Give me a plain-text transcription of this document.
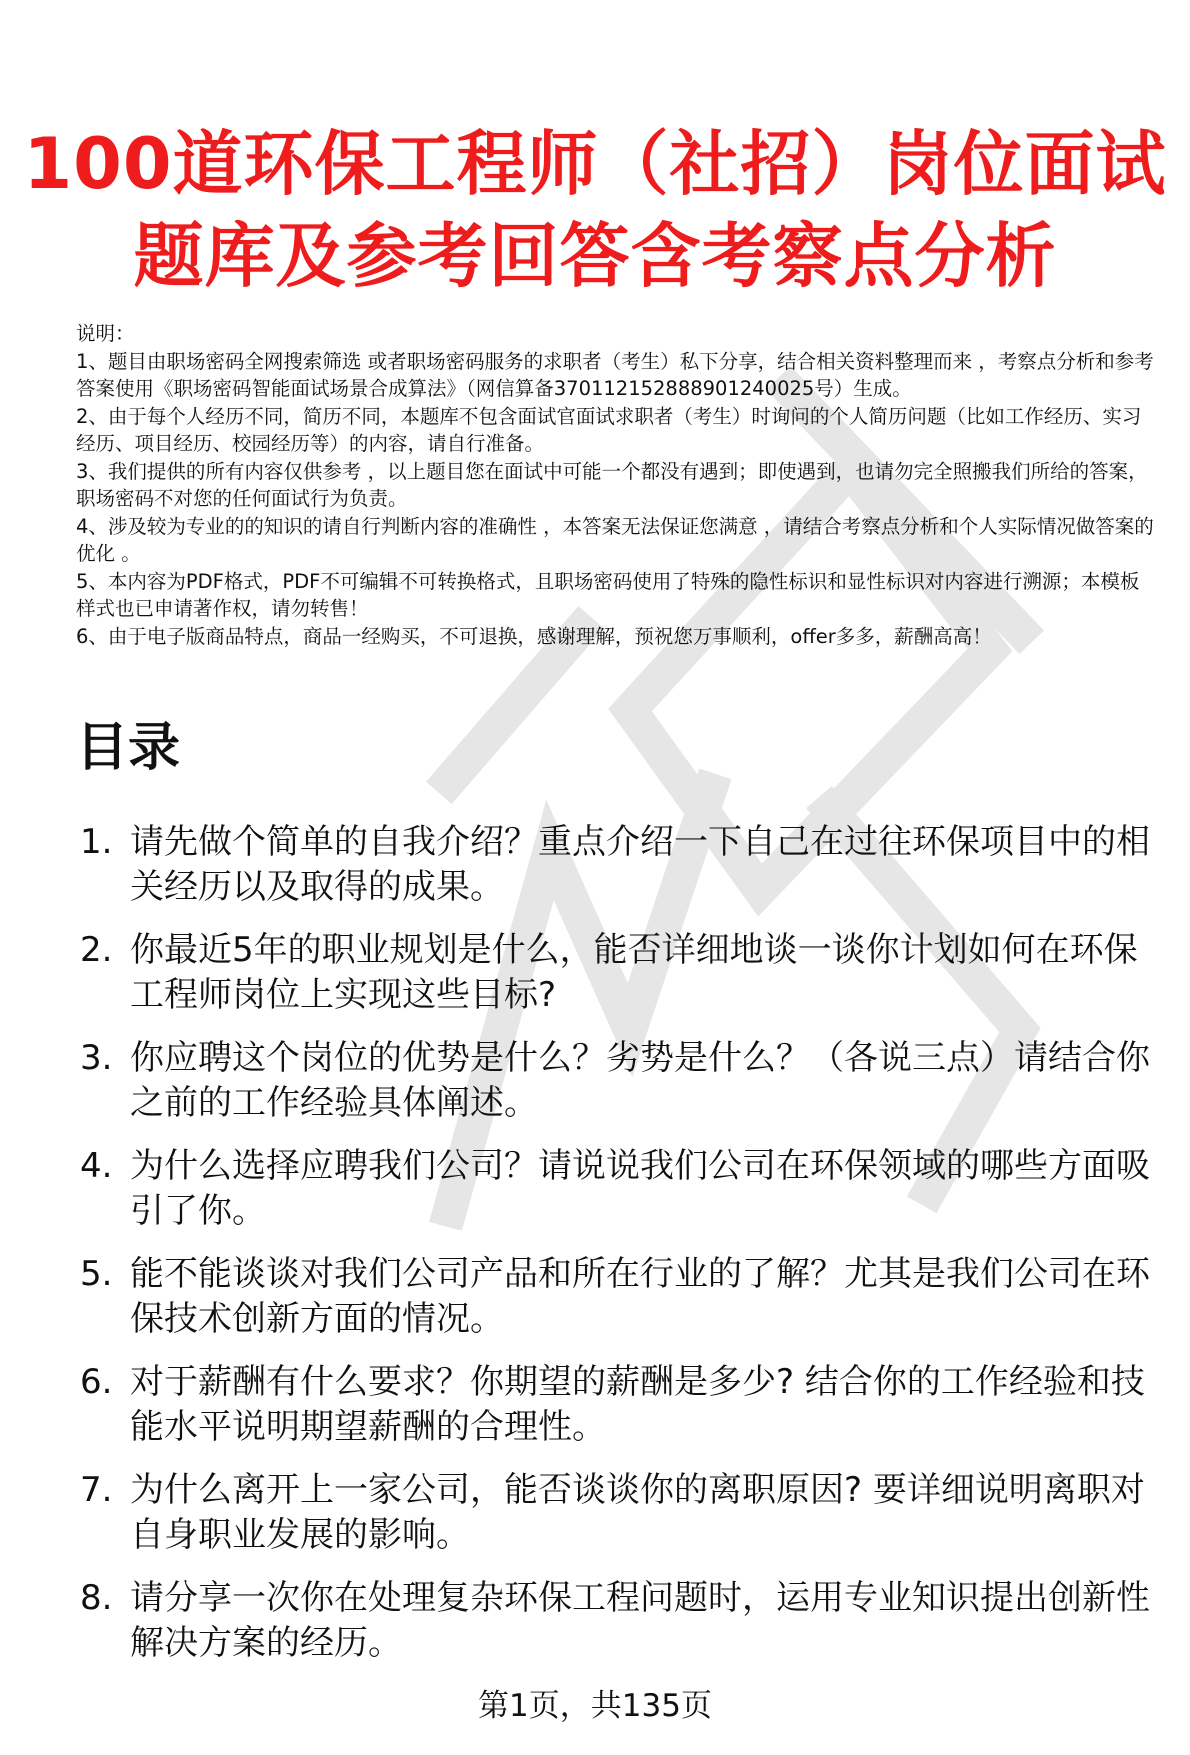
100道环保工程师（社招）岗位面试
题库及参考回答含考察点分析

说明：

1、题目由职场密码全网搜索筛选 或者职场密码服务的求职者（考生）私下分享，结合相关资料整理而来 ，考察点分析和参考答案使用《职场密码智能面试场景合成算法》（网信算备370112152888901240025号）生成。

2、由于每个人经历不同，简历不同，本题库不包含面试官面试求职者（考生）时询问的个人简历问题（比如工作经历、实习经历、项目经历、校园经历等）的内容，请自行准备。

3、我们提供的所有内容仅供参考 ，以上题目您在面试中可能一个都没有遇到；即使遇到，也请勿完全照搬我们所给的答案，职场密码不对您的任何面试行为负责。

4、涉及较为专业的的知识的请自行判断内容的准确性 ，本答案无法保证您满意 ，请结合考察点分析和个人实际情况做答案的优化 。

5、本内容为PDF格式，PDF不可编辑不可转换格式，且职场密码使用了特殊的隐性标识和显性标识对内容进行溯源；本模板样式也已申请著作权，请勿转售！

6、由于电子版商品特点，商品一经购买，不可退换，感谢理解，预祝您万事顺利，offer多多，薪酬高高！

目录
1. 请先做个简单的自我介绍？重点介绍一下自己在过往环保项目中的相关经历以及取得的成果。
2. 你最近5年的职业规划是什么，能否详细地谈一谈你计划如何在环保工程师岗位上实现这些目标?
3. 你应聘这个岗位的优势是什么？劣势是什么？（各说三点）请结合你之前的工作经验具体阐述。
4. 为什么选择应聘我们公司？请说说我们公司在环保领域的哪些方面吸引了你。
5. 能不能谈谈对我们公司产品和所在行业的了解？尤其是我们公司在环保技术创新方面的情况。
6. 对于薪酬有什么要求？你期望的薪酬是多少? 结合你的工作经验和技能水平说明期望薪酬的合理性。
7. 为什么离开上一家公司，能否谈谈你的离职原因? 要详细说明离职对自身职业发展的影响。
8. 请分享一次你在处理复杂环保工程问题时，运用专业知识提出创新性解决方案的经历。
第1页，共135页
